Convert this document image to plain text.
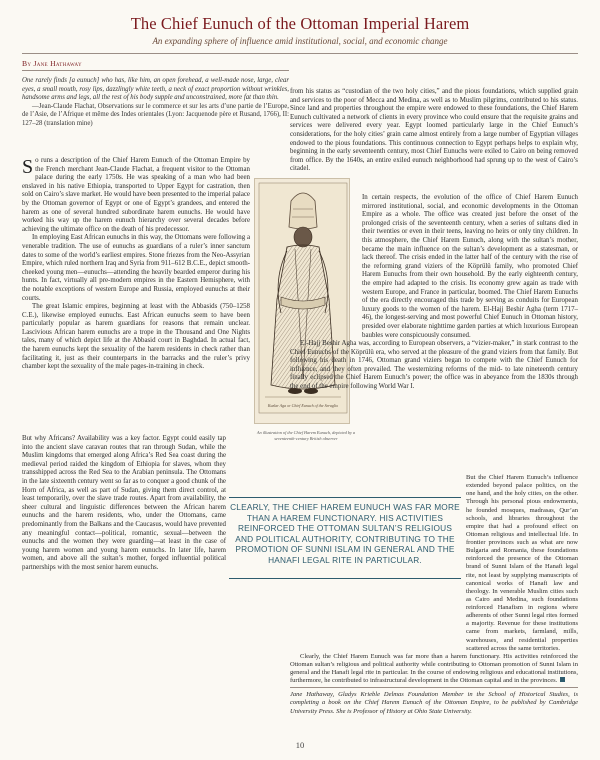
The Chief Eunuch of the Ottoman Imperial Harem
An expanding sphere of influence amid institutional, social, and economic change
By Jane Hathaway

One rarely finds [a eunuch] who has, like him, an open forehead, a well-made nose, large, clear eyes, a small mouth, rosy lips, dazzlingly white teeth, a neck of exact proportion without wrinkles, handsome arms and legs, all the rest of his body supple and unconstrained, more fat than thin.

—Jean-Claude Flachat, Observations sur le commerce et sur les arts d’une partie de l’Europe, de l’Asie, de l’Afrique et même des Indes orientales (Lyon: Jacquenode père et Rusand, 1766), II: 127–28 (translation mine)

So runs a description of the Chief Harem Eunuch of the Ottoman Empire by the French merchant Jean-Claude Flachat, a frequent visitor to the Ottoman palace during the early 1750s. He was speaking of a man who had been enslaved in his native Ethiopia, transported to Upper Egypt for castration, then sold on Cairo’s slave market. He would have been presented to the imperial palace by the Ottoman governor of Egypt or one of Egypt’s grandees, and entered the harem as one of several hundred subordinate harem eunuchs. He would have worked his way up the harem eunuch hierarchy over several decades before achieving the ultimate office on the death of his predecessor.

In employing East African eunuchs in this way, the Ottomans were following a venerable tradition. The use of eunuchs as guardians of a ruler’s inner sanctum dates to some of the world’s earliest empires. Stone friezes from the Neo-Assyrian Empire, which ruled northern Iraq and Syria from 911–612 B.C.E., depict smooth-cheeked young men—eunuchs—attending the heavily bearded emperor during his hunts. In fact, virtually all pre-modern empires in the Eastern Hemisphere, with the notable exceptions of western Europe and Russia, employed eunuchs at their courts.

The great Islamic empires, beginning at least with the Abbasids (750–1258 C.E.), likewise employed eunuchs. East African eunuchs seem to have been particularly popular as harem guardians for reasons that remain unclear. Lascivious African harem eunuchs are a trope in the Thousand and One Nights tales, many of which depict life at the Abbasid court in Baghdad. In actual fact, the harem eunuchs kept the sexuality of the harem residents in check rather than facilitating it, just as their counterparts in the barracks and the ruler’s privy chamber kept the sexuality of the male pages-in-training in check.

But why Africans? Availability was a key factor. Egypt could easily tap into the ancient slave caravan routes that ran through Sudan, while the Muslim kingdoms that emerged along Africa’s Red Sea coast during the medieval period raided the kingdom of Ethiopia for slaves, whom they transshipped across the Red Sea to the Arabian peninsula. The Ottomans in the late sixteenth century went so far as to conquer a good chunk of the Horn of Africa, as well as part of Sudan, giving them direct control, at least temporarily, over the slave trade routes. Apart from availability, the sheer cultural and linguistic differences between the African harem eunuchs and the harem residents, who, under the Ottomans, came predominantly from the Balkans and the Caucasus, would have prevented any meaningful contact—political, romantic, sexual—between the eunuchs and the women they were guarding—at least in the case of young harem women and young harem eunuchs. In later life, harem women, and above all the sultan’s mother, forged influential political partnerships with the most senior harem eunuchs.

Kuzlar Aga or Chief Eunuch of the Seraglio
An illustration of the Chief Harem Eunuch, depicted by a seventeenth-century British observer

from his status as “custodian of the two holy cities,” and the pious foundations, which supplied grain and services to the poor of Mecca and Medina, as well as to Muslim pilgrims, contributed to his status. Since land and properties throughout the empire were endowed to these foundations, the Chief Harem Eunuch cultivated a network of clients in every province who could ensure that the requisite grains and services were delivered every year. Egypt loomed particularly large in the Chief Eunuch’s considerations, for the holy cities’ grain came almost entirely from a large number of Egyptian villages endowed to the pious foundations. This continuous connection to Egypt perhaps helps to explain why, beginning in the early seventeenth century, most Chief Eunuchs were exiled to Cairo on being removed from office. By the 1640s, an entire exiled eunuch neighborhood had sprung up to the west of Cairo’s citadel.

In certain respects, the evolution of the office of Chief Harem Eunuch mirrored institutional, social, and economic developments in the Ottoman Empire as a whole. The office was created just before the onset of the prolonged crisis of the seventeenth century, when a series of sultans died in their twenties or even in their teens, leaving no heirs or only tiny children. In this atmosphere, the Chief Harem Eunuch, along with the sultan’s mother, became the main influence on the sultan’s development as a statesman, or lack thereof. The crisis ended in the latter half of the century with the rise of the reforming grand viziers of the Köprülü family, who promoted Chief Harem Eunuchs from their own household. By the early eighteenth century, the empire had adapted to the crisis. Its economy grew again as trade with western Europe, and France in particular, boomed. The Chief Harem Eunuchs of the era directly encouraged this trade by serving as conduits for European luxury goods to the women of the harem. El-Hajj Beshir Agha (term 1717–46), the longest-serving and most powerful Chief Eunuch in Ottoman history, presided over elaborate nighttime garden parties at which luxurious European baubles were conspicuously consumed.

El-Hajj Beshir Agha was, according to European observers, a “vizier-maker,” in stark contrast to the Chief Eunuchs of the Köprülü era, who served at the pleasure of the grand viziers from that family. But following his death in 1746, Ottoman grand viziers began to compete with the Chief Eunuch for influence, and they often prevailed. The westernizing reforms of the mid- to late nineteenth century finally eclipsed the Chief Harem Eunuch’s power; the office was in abeyance from the 1830s through the end of the empire following World War I.

But the Chief Harem Eunuch’s influence extended beyond palace politics, on the one hand, and the holy cities, on the other. Through his personal pious endowments, he founded mosques, madrasas, Qur’an schools, and libraries throughout the empire that had a profound effect on Ottoman religious and intellectual life. In frontier provinces such as what are now Bulgaria and Romania, these foundations reinforced the presence of the Ottoman brand of Sunni Islam of the Hanafi legal rite, not least by supplying manuscripts of canonical works of Hanafi law and theology. In venerable Muslim cities such as Cairo and Medina, such foundations reinforced Hanafism in regions where adherents of other Sunni legal rites formed a majority. Revenue for these institutions came from markets, farmland, mills, warehouses, and residential properties scattered across the same territories.

Clearly, the Chief Harem Eunuch was far more than a harem functionary. His activities reinforced the Ottoman sultan’s religious and political authority while contributing to Ottoman promotion of Sunni Islam in general and the Hanafi legal rite in particular. In the course of endowing religious and educational institutions, furthermore, he contributed to infrastructural development in the Ottoman capital and in the provinces.

Jane Hathaway, Gladys Krieble Delmas Foundation Member in the School of Historical Studies, is completing a book on the Chief Harem Eunuch of the Ottoman Empire, to be published by Cambridge University Press. She is Professor of History at Ohio State University.

CLEARLY, THE CHIEF HAREM EUNUCH WAS FAR MORE THAN A HAREM FUNCTIONARY. HIS ACTIVITIES REINFORCED THE OTTOMAN SULTAN’S RELIGIOUS AND POLITICAL AUTHORITY, CONTRIBUTING TO THE PROMOTION OF SUNNI ISLAM IN GENERAL AND THE HANAFI LEGAL RITE IN PARTICULAR.
10
